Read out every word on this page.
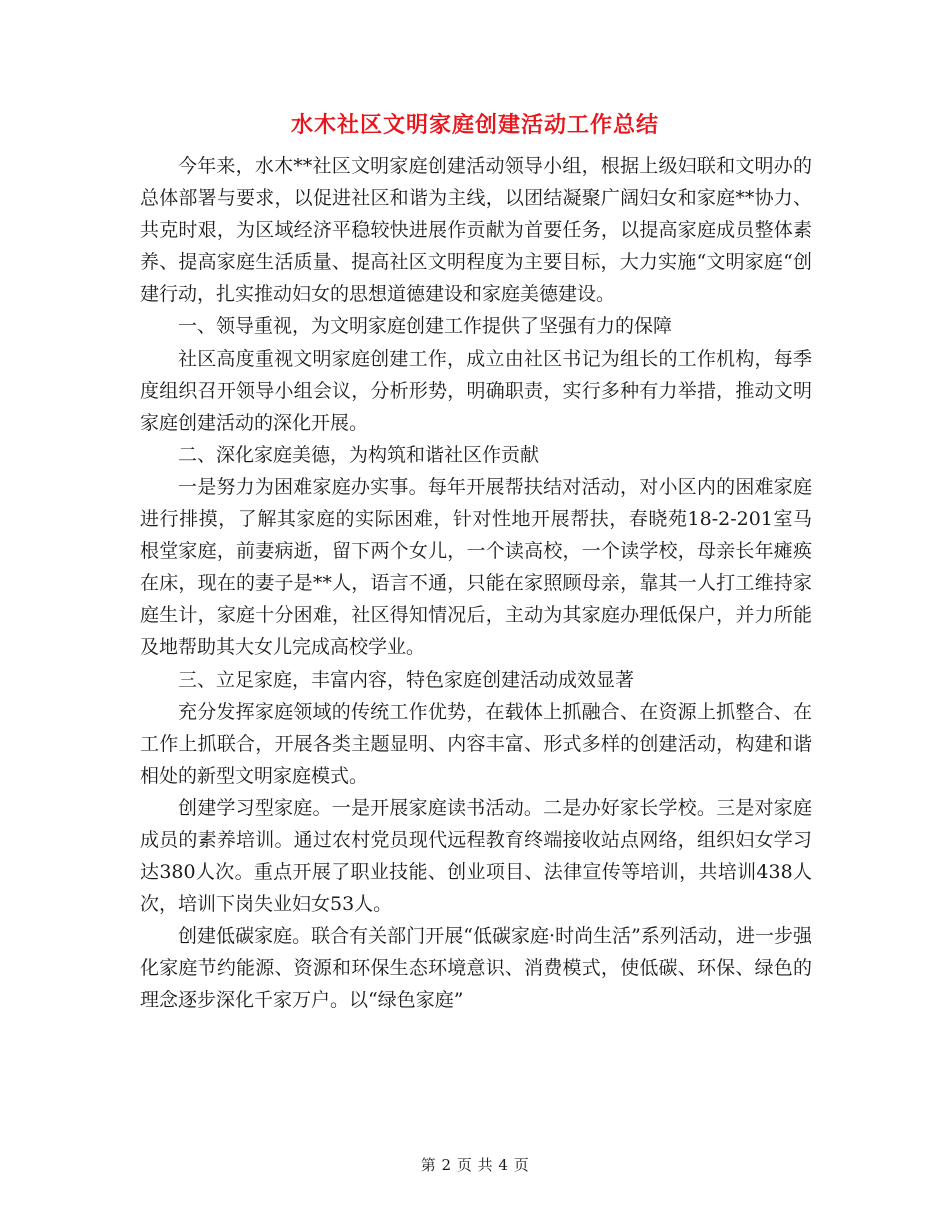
水木社区文明家庭创建活动工作总结

今年来，水木**社区文明家庭创建活动领导小组，根据上级妇联和文明办的总体部署与要求，以促进社区和谐为主线，以团结凝聚广阔妇女和家庭**协力、共克时艰，为区域经济平稳较快进展作贡献为首要任务，以提高家庭成员整体素养、提高家庭生活质量、提高社区文明程度为主要目标，大力实施“文明家庭“创建行动，扎实推动妇女的思想道德建设和家庭美德建设。

一、领导重视，为文明家庭创建工作提供了坚强有力的保障

社区高度重视文明家庭创建工作，成立由社区书记为组长的工作机构，每季度组织召开领导小组会议，分析形势，明确职责，实行多种有力举措，推动文明家庭创建活动的深化开展。

二、深化家庭美德，为构筑和谐社区作贡献

一是努力为困难家庭办实事。每年开展帮扶结对活动，对小区内的困难家庭进行排摸，了解其家庭的实际困难，针对性地开展帮扶，春晓苑18-2-201室马根堂家庭，前妻病逝，留下两个女儿，一个读高校，一个读学校，母亲长年瘫痪在床，现在的妻子是**人，语言不通，只能在家照顾母亲，靠其一人打工维持家庭生计，家庭十分困难，社区得知情况后，主动为其家庭办理低保户，并力所能及地帮助其大女儿完成高校学业。

三、立足家庭，丰富内容，特色家庭创建活动成效显著

充分发挥家庭领域的传统工作优势，在载体上抓融合、在资源上抓整合、在工作上抓联合，开展各类主题显明、内容丰富、形式多样的创建活动，构建和谐相处的新型文明家庭模式。

创建学习型家庭。一是开展家庭读书活动。二是办好家长学校。三是对家庭成员的素养培训。通过农村党员现代远程教育终端接收站点网络，组织妇女学习达380人次。重点开展了职业技能、创业项目、法律宣传等培训，共培训438人次，培训下岗失业妇女53人。

创建低碳家庭。联合有关部门开展“低碳家庭·时尚生活”系列活动，进一步强化家庭节约能源、资源和环保生态环境意识、消费模式，使低碳、环保、绿色的理念逐步深化千家万户。以“绿色家庭”

第 2 页 共 4 页
